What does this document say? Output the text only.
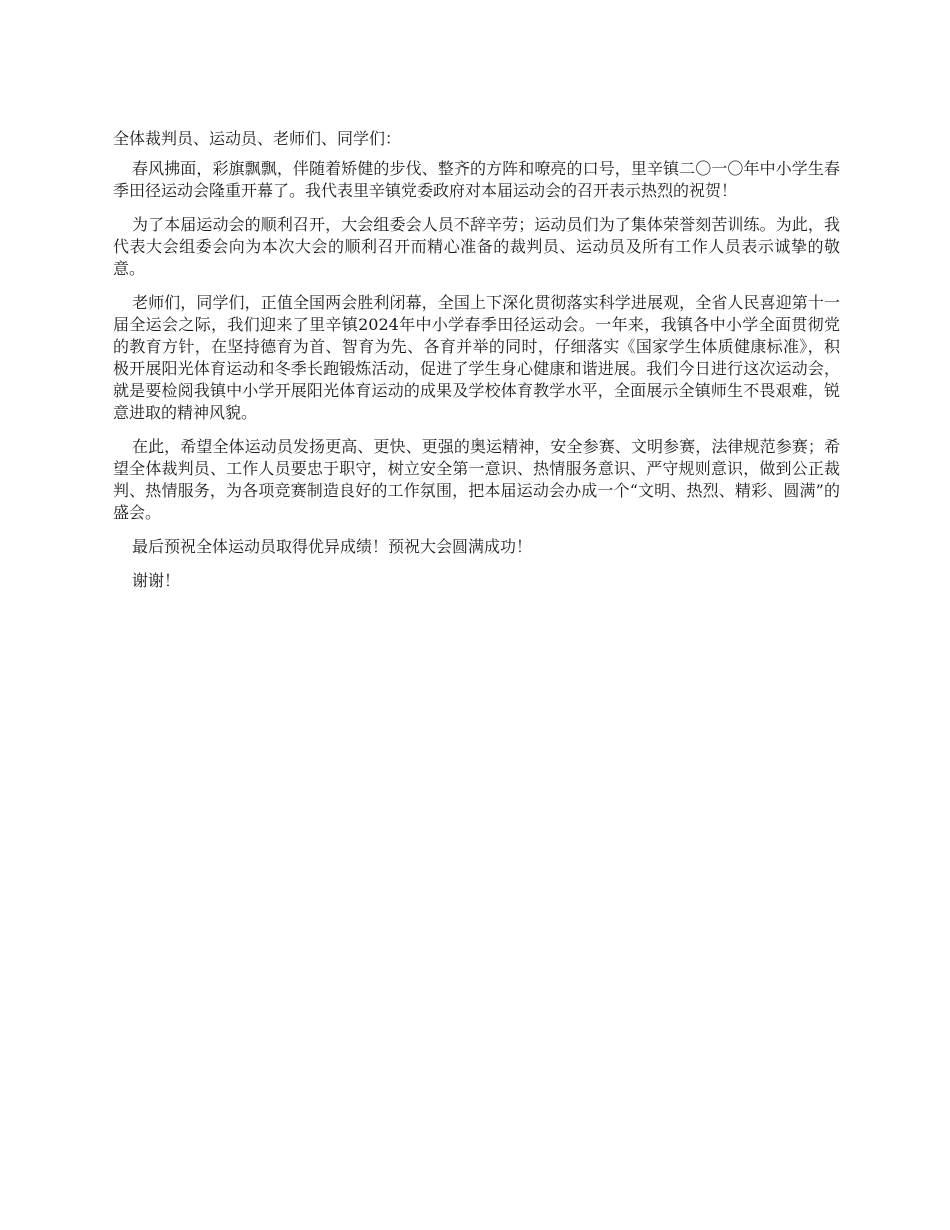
全体裁判员、运动员、老师们、同学们：

春风拂面，彩旗飘飘，伴随着矫健的步伐、整齐的方阵和嘹亮的口号，里辛镇二〇一〇年中小学生春季田径运动会隆重开幕了。我代表里辛镇党委政府对本届运动会的召开表示热烈的祝贺！

为了本届运动会的顺利召开，大会组委会人员不辞辛劳；运动员们为了集体荣誉刻苦训练。为此，我代表大会组委会向为本次大会的顺利召开而精心准备的裁判员、运动员及所有工作人员表示诚挚的敬意。

老师们，同学们，正值全国两会胜利闭幕，全国上下深化贯彻落实科学进展观，全省人民喜迎第十一届全运会之际，我们迎来了里辛镇2024年中小学春季田径运动会。一年来，我镇各中小学全面贯彻党的教育方针，在坚持德育为首、智育为先、各育并举的同时，仔细落实《国家学生体质健康标准》，积极开展阳光体育运动和冬季长跑锻炼活动，促进了学生身心健康和谐进展。我们今日进行这次运动会，就是要检阅我镇中小学开展阳光体育运动的成果及学校体育教学水平，全面展示全镇师生不畏艰难，锐意进取的精神风貌。

在此，希望全体运动员发扬更高、更快、更强的奥运精神，安全参赛、文明参赛，法律规范参赛；希望全体裁判员、工作人员要忠于职守，树立安全第一意识、热情服务意识、严守规则意识，做到公正裁判、热情服务，为各项竞赛制造良好的工作氛围，把本届运动会办成一个“文明、热烈、精彩、圆满”的盛会。

最后预祝全体运动员取得优异成绩！预祝大会圆满成功！

谢谢！
